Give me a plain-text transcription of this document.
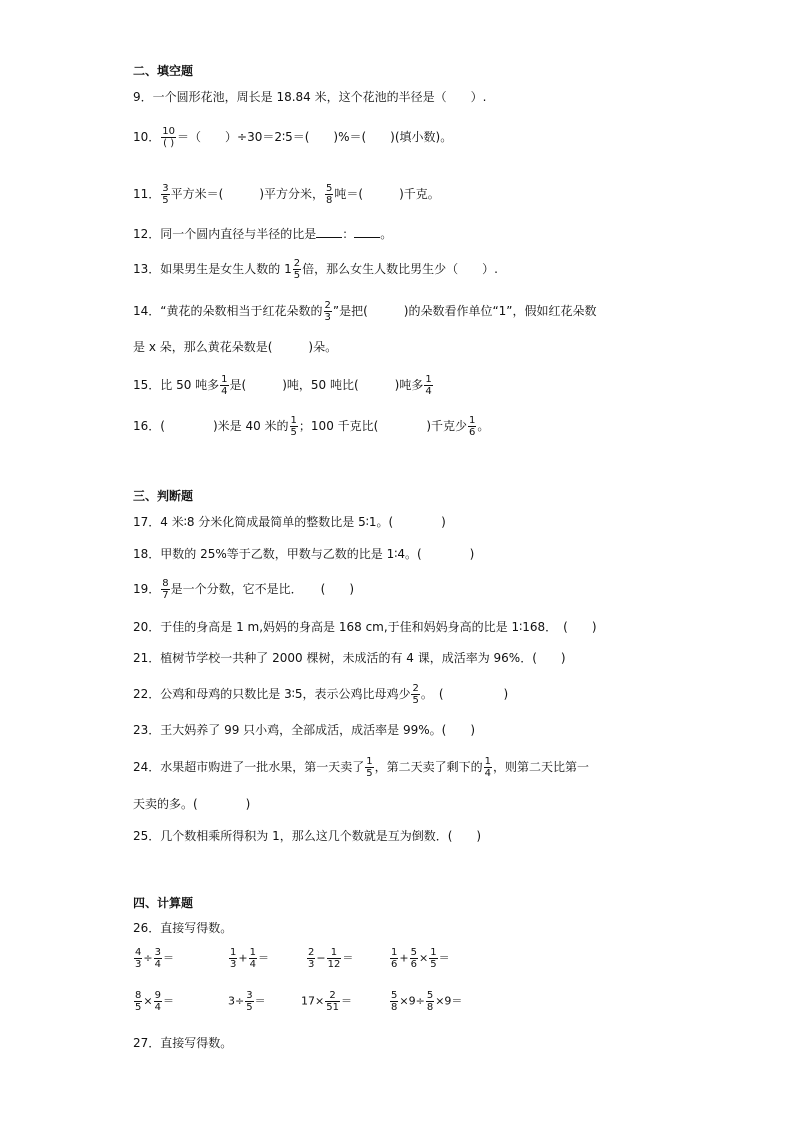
二、填空题
9．一个圆形花池，周长是 18.84 米，这个花池的半径是（　　）.
10． 10
( ) ＝（　　）÷30＝2∶5＝(　　)%＝(　　)(填小数)。
11． $\frac{3}{5}$ 平方米＝(　　　)平方分米， $\frac{5}{8}$ 吨＝(　　　)千克。
12．同一个圆内直径与半径的比是 ： 。
13．如果男生是女生人数的 $1 \frac{2}{5}$ 倍，那么女生人数比男生少（　　）.
14．“黄花的朵数相当于红花朵数的 $\frac{2}{3}$ ”是把(　　　)的朵数看作单位“1”，假如红花朵数
是 x 朵，那么黄花朵数是(　　　)朵。
15．比 50 吨多 $\frac{1}{4}$ 是(　　　)吨，50 吨比(　　　)吨多 $\frac{1}{4}$
16．(　　　　)米是 40 米的 $\frac{1}{5}$ ；100 千克比(　　　　)千克少 $\frac{1}{6}$ 。
三、判断题
17．4 米∶8 分米化简成最简单的整数比是 5∶1。(　　　　)
18．甲数的 25%等于乙数，甲数与乙数的比是 1∶4。(　　　　)
19． $\frac{8}{7}$ 是一个分数，它不是比．　　(　　)
20．于佳的身高是 1 m,妈妈的身高是 168 cm,于佳和妈妈身高的比是 1∶168．　(　　)
21．植树节学校一共种了 2000 棵树，未成活的有 4 课，成活率为 96%．(　　)
22．公鸡和母鸡的只数比是 3∶5，表示公鸡比母鸡少 $\frac{2}{5}$ 。　(　　　　　)
23．王大妈养了 99 只小鸡，全部成活，成活率是 99%。(　　)
24．水果超市购进了一批水果，第一天卖了 $\frac{1}{5}$ ，第二天卖了剩下的 $\frac{1}{4}$ ，则第二天比第一
天卖的多。(　　　　)
25．几个数相乘所得积为 1，那么这几个数就是互为倒数．(　　)
四、计算题
26．直接写得数。
$\frac{4}{3} \div \frac{3}{4}$ ＝	$\frac{1}{3} + \frac{1}{4}$ ＝	$\frac{2}{3} - \frac{1}{12}$ ＝	$\frac{1}{6} + \frac{5}{6} \times \frac{1}{5}$ ＝
$\frac{8}{5} \times \frac{9}{4}$ ＝	$3\div \frac{3}{5}$ ＝	$17\times \frac{2}{51}$ ＝	$\frac{5}{8} \times 9\div \frac{5}{8} \times 9=$
27．直接写得数。
